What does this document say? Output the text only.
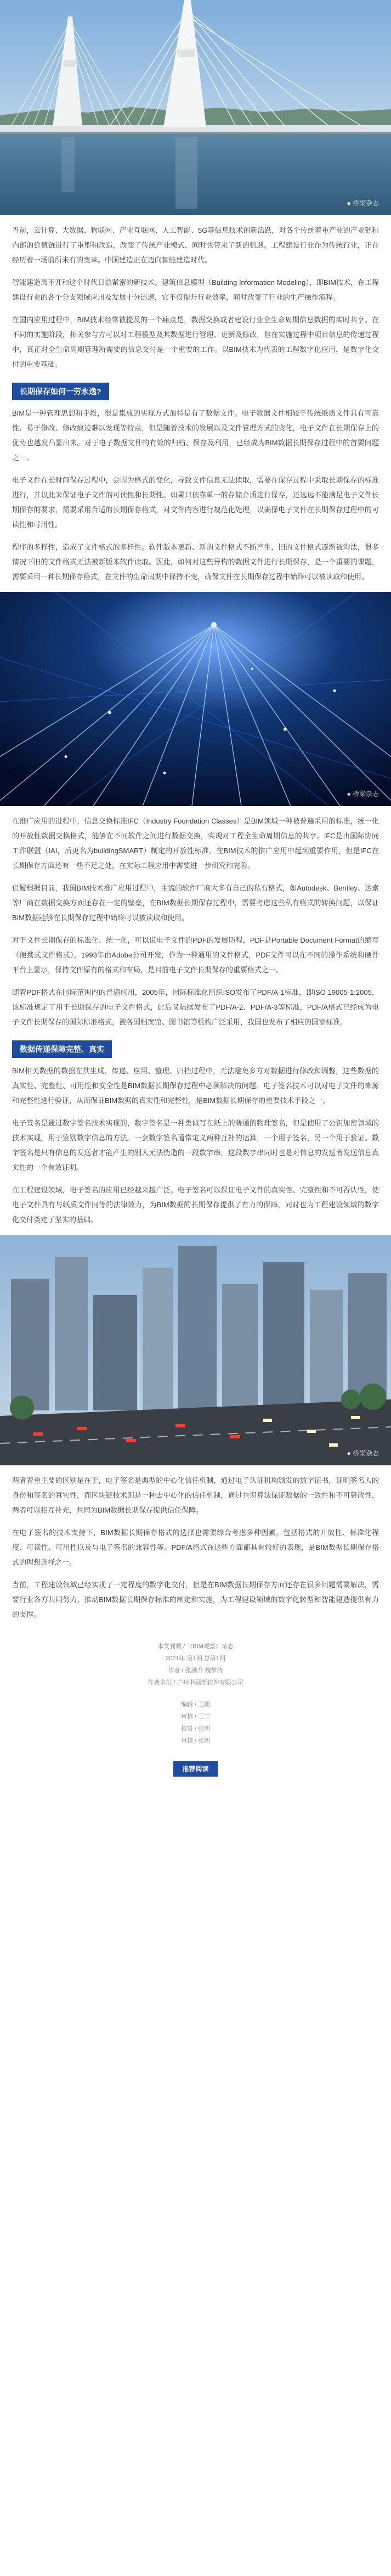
● 桥梁杂志

当前，云计算、大数据、物联网、产业互联网、人工智能、5G等信息技术创新活跃，对各个传统着重产业的产业链和内部的价值链进行了重塑和改造，改变了传统产业模式，同时也带来了新的机遇。工程建设行业作为传统行业，正在经历着一场前所未有的变革。中国建造正在迈向智能建造时代。

智能建造离不开和这个时代日益紧密的新技术。建筑信息模型（Building Information Modeling），即BIM技术，在工程建设行业的各个分支领域应用及发展十分迅速，它不仅提升行业效率，同时改变了行业的生产操作流程。

在国内应用过程中，BIM技术经常被提及的一个痛点是，数据交换或者建设行业全生命周期信息数据的实时共享。在不同的实施阶段，相关参与方可以对工程模型及其数据进行管理、更新及修改，但在实施过程中项目信息的传递过程中，真正对全生命周期管理所需要的信息交付是一个重要的工作。以BIM技术为代表的工程数字化应用，是数字化交付的重要基础。

长期保存如何一劳永逸?

BIM是一种管理思想和手段，很是集成的实现方式加持是有了数据文件。电子数据文件相较于传统纸质文件具有可靠性、易于修改、修改痕迹难以发现等特点，但是随着技术的发展以及文件管理方式的变化，电子文件在长期保存上的优势也越发凸显出来。对于电子数据文件的有效的归档、保存及利用，已经成为BIM数据长期保存过程中的首要问题之一。

电子文件在长时间保存过程中，会因为格式的变化，导致文件信息无法读取，需要在保存过程中采取长期保存的标准进行，并以此来保证电子文件的可读性和长期性。如果只依靠单一的存储介质进行保存，还远远不能满足电子文件长期保存的要求，需要采用合适的长期保存格式，对文件内容进行规范化处理，以确保电子文件在长期保存过程中的可读性和可用性。

程序的多样性，造成了文件格式的多样性。软件版本更新、新的文件格式不断产生，旧的文件格式逐渐被淘汰，很多情况下旧的文件格式无法被新版本软件读取。因此，如何对这些异构的数据文件进行长期保存，是一个重要的课题，需要采用一种长期保存格式，在文件的生命周期中保持不变，确保文件在长期保存过程中始终可以被读取和使用。

● 桥梁杂志

在推广应用的进程中，信息交换标准IFC（Industry Foundation Classes）是BIM领域一种被普遍采用的标准，统一化的开放性数据交换格式，能够在不同软件之间进行数据交换，实现对工程全生命周期信息的共享。IFC是由国际协同工作联盟（IAI，后更名为buildingSMART）制定的开放性标准，在BIM技术的推广应用中起到重要作用，但是IFC在长期保存方面还有一些不足之处，在实际工程应用中需要进一步研究和完善。

但履根据目前，我国BIM技术推广应用过程中，主流的软件厂商大多有自己的私有格式，如Autodesk、Bentley、达索等厂商在数据交换方面还存在一定的壁垒，在BIM数据长期保存过程中，需要考虑这些私有格式的转换问题，以保证BIM数据能够在长期保存过程中始终可以被读取和使用。

对于文件长期保存的标准化、统一化，可以说电子文件的PDF的发展历程，PDF是Portable Document Format的缩写（便携式文件格式），1993年由Adobe公司开发，作为一种通用的文件格式，PDF文件可以在不同的操作系统和硬件平台上显示，保持文件原有的格式和布局，是目前电子文件长期保存的重要格式之一。

随着PDF格式在国际范围内的普遍应用，2005年，国际标准化组织ISO发布了PDF/A-1标准，即ISO 19005-1:2005，该标准规定了用于长期保存的电子文件格式，此后又陆续发布了PDF/A-2、PDF/A-3等标准，PDF/A格式已经成为电子文件长期保存的国际标准格式，被各国档案馆、图书馆等机构广泛采用，我国也发布了相应的国家标准。

数据传递保障完整、真实

BIM相关数据的数据在其生成、传递、应用、整理、归档过程中，无法避免多方对数据进行修改和调整，这些数据的真实性、完整性、可用性和安全性是BIM数据长期保存过程中必须解决的问题。电子签名技术可以对电子文件的来源和完整性进行验证，从而保证BIM数据的真实性和完整性，是BIM数据长期保存的重要技术手段之一。

电子签名是通过数字签名技术实现的，数字签名是一种类似写在纸上的普通的物理签名，但是使用了公钥加密领域的技术实现，用于鉴别数字信息的方法。一套数字签名通常定义两种互补的运算，一个用于签名，另一个用于验证。数字签名是只有信息的发送者才能产生的别人无法伪造的一段数字串，这段数字串同时也是对信息的发送者发送信息真实性的一个有效证明。

在工程建设领域，电子签名的应用已经越来越广泛。电子签名可以保证电子文件的真实性、完整性和不可否认性，使电子文件具有与纸质文件同等的法律效力，为BIM数据的长期保存提供了有力的保障，同时也为工程建设领域的数字化交付奠定了坚实的基础。

● 桥梁杂志

两者着重主要的区别是在于，电子签名是典型的中心化信任机制，通过电子认证机构颁发的数字证书，证明签名人的身份和签名的真实性，而区块链技术则是一种去中心化的信任机制，通过共识算法保证数据的一致性和不可篡改性，两者可以相互补充，共同为BIM数据长期保存提供信任保障。

在电子签名的技术支持下，BIM数据长期保存格式的选择也需要综合考虑多种因素，包括格式的开放性、标准化程度、可读性、可用性以及与电子签名的兼容性等。PDF/A格式在这些方面都具有较好的表现，是BIM数据长期保存格式的理想选择之一。

当前，工程建设领域已经实现了一定程度的数字化交付，但是在BIM数据长期保存方面还存在很多问题需要解决，需要行业各方共同努力，推动BIM数据长期保存标准的制定和实施，为工程建设领域的数字化转型和智能建造提供有力的支撑。

本文刊载 / 《BIM观察》杂志
2021年 第1期 总第1期
作者 / 张满升 魏梦涛
作者单位 / 广州书画斯软件有限公司
编辑 / 王姗
审核 / 王宁
校对 / 张明
审核 / 张明
推荐阅读
